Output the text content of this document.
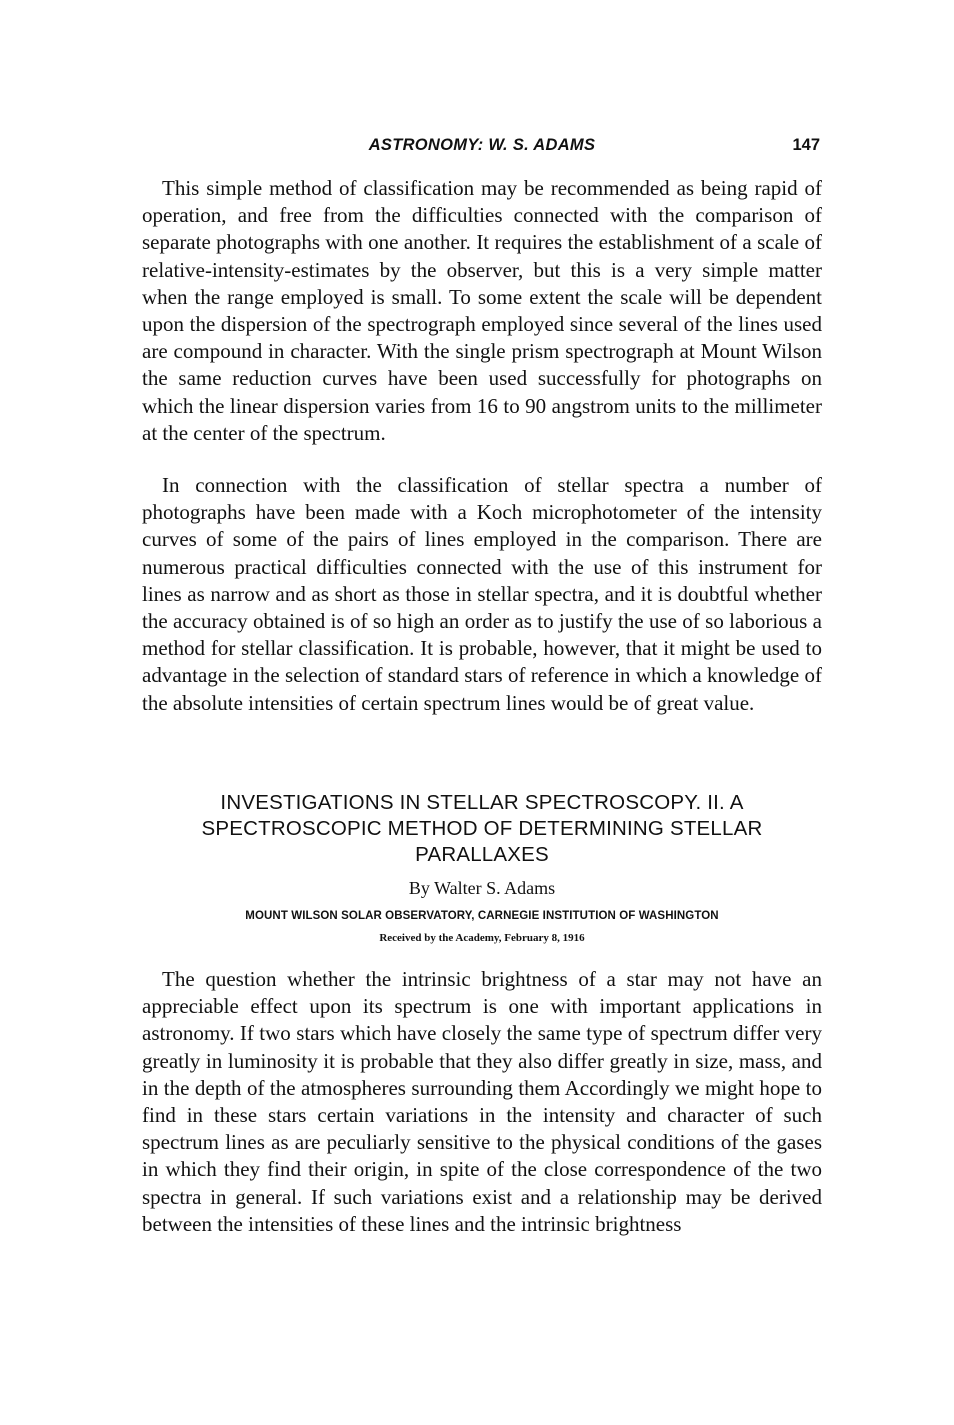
ASTRONOMY: W. S. ADAMS	147

This simple method of classification may be recommended as being rapid of operation, and free from the difficulties connected with the comparison of separate photographs with one another. It requires the establishment of a scale of relative-intensity-estimates by the observer, but this is a very simple matter when the range employed is small. To some extent the scale will be dependent upon the dispersion of the spectrograph employed since several of the lines used are compound in character. With the single prism spectrograph at Mount Wilson the same reduction curves have been used successfully for photographs on which the linear dispersion varies from 16 to 90 angstrom units to the millimeter at the center of the spectrum.

In connection with the classification of stellar spectra a number of photographs have been made with a Koch microphotometer of the intensity curves of some of the pairs of lines employed in the comparison. There are numerous practical difficulties connected with the use of this instrument for lines as narrow and as short as those in stellar spectra, and it is doubtful whether the accuracy obtained is of so high an order as to justify the use of so laborious a method for stellar classification. It is probable, however, that it might be used to advantage in the selection of standard stars of reference in which a knowledge of the absolute intensities of certain spectrum lines would be of great value.

INVESTIGATIONS IN STELLAR SPECTROSCOPY. II. A SPECTROSCOPIC METHOD OF DETERMINING STELLAR PARALLAXES
By Walter S. Adams
MOUNT WILSON SOLAR OBSERVATORY, CARNEGIE INSTITUTION OF WASHINGTON
Received by the Academy, February 8, 1916

The question whether the intrinsic brightness of a star may not have an appreciable effect upon its spectrum is one with important applications in astronomy. If two stars which have closely the same type of spectrum differ very greatly in luminosity it is probable that they also differ greatly in size, mass, and in the depth of the atmospheres surrounding them Accordingly we might hope to find in these stars certain variations in the intensity and character of such spectrum lines as are peculiarly sensitive to the physical conditions of the gases in which they find their origin, in spite of the close correspondence of the two spectra in general. If such variations exist and a relationship may be derived between the intensities of these lines and the intrinsic brightness
